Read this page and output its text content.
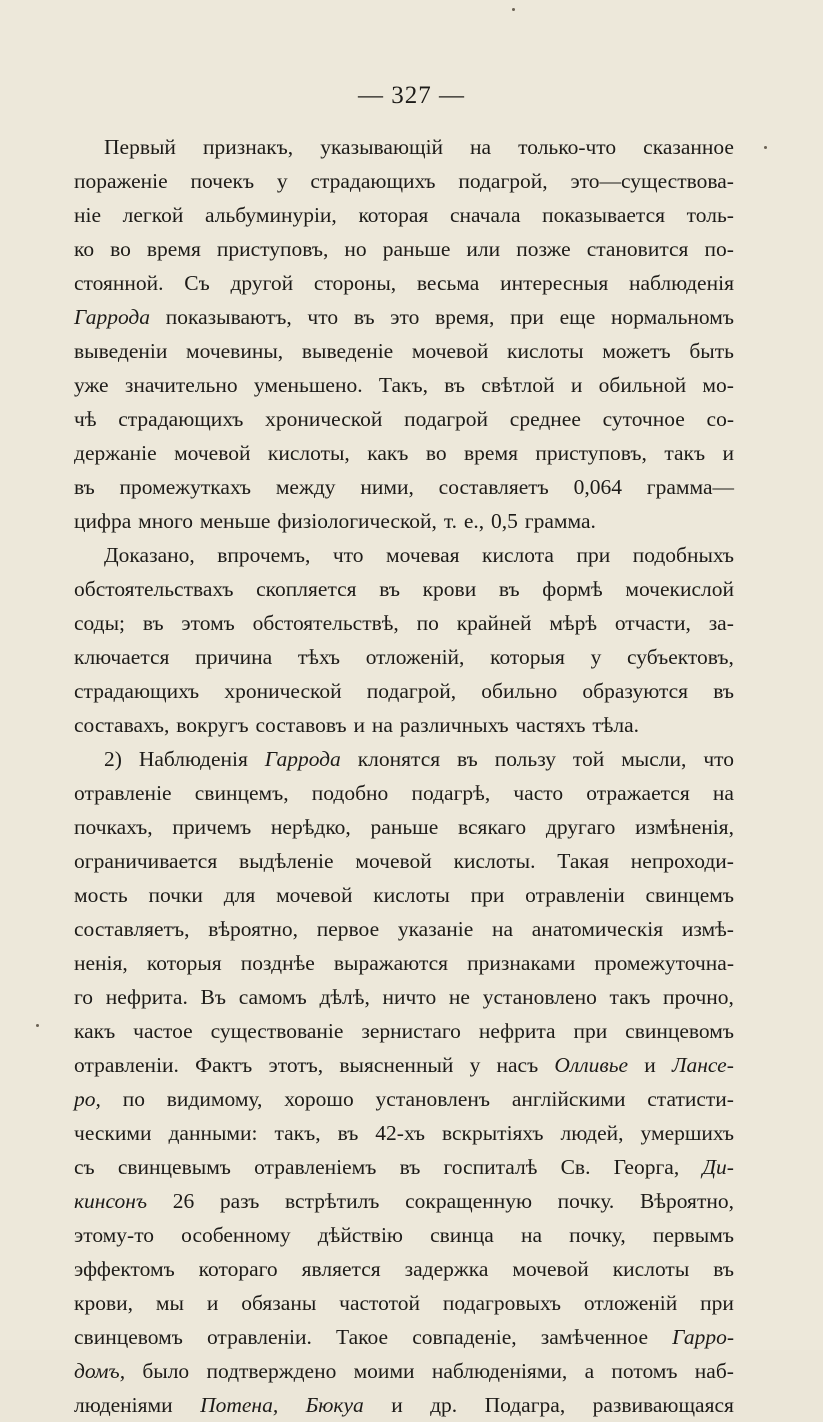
— 327 —
Первый признакъ, указывающій на только-что сказанное
пораженіе почекъ у страдающихъ подагрой, это—существова-
ніе легкой альбуминуріи, которая сначала показывается толь-
ко во время приступовъ, но раньше или позже становится по-
стоянной. Съ другой стороны, весьма интересныя наблюденія
Гаррода показываютъ, что въ это время, при еще нормальномъ
выведеніи мочевины, выведеніе мочевой кислоты можетъ быть
уже значительно уменьшено. Такъ, въ свѣтлой и обильной мо-
чѣ страдающихъ хронической подагрой среднее суточное со-
держаніе мочевой кислоты, какъ во время приступовъ, такъ и
въ промежуткахъ между ними, составляетъ 0,064 грамма—
цифра много меньше физіологической, т. е., 0,5 грамма.
Доказано, впрочемъ, что мочевая кислота при подобныхъ
обстоятельствахъ скопляется въ крови въ формѣ мочекислой
соды; въ этомъ обстоятельствѣ, по крайней мѣрѣ отчасти, за-
ключается причина тѣхъ отложеній, которыя у субъектовъ,
страдающихъ хронической подагрой, обильно образуются въ
составахъ, вокругъ составовъ и на различныхъ частяхъ тѣла.
2) Наблюденія Гаррода клонятся въ пользу той мысли, что
отравленіе свинцемъ, подобно подагрѣ, часто отражается на
почкахъ, причемъ нерѣдко, раньше всякаго другаго измѣненія,
ограничивается выдѣленіе мочевой кислоты. Такая непроходи-
мость почки для мочевой кислоты при отравленіи свинцемъ
составляетъ, вѣроятно, первое указаніе на анатомическія измѣ-
ненія, которыя позднѣе выражаются признаками промежуточна-
го нефрита. Въ самомъ дѣлѣ, ничто не установлено такъ прочно,
какъ частое существованіе зернистаго нефрита при свинцевомъ
отравленіи. Фактъ этотъ, выясненный у насъ Олливье и Лансе-
ро, по видимому, хорошо установленъ англійскими статисти-
ческими данными: такъ, въ 42-хъ вскрытіяхъ людей, умершихъ
съ свинцевымъ отравленіемъ въ госпиталѣ Св. Георга, Ди-
кинсонъ 26 разъ встрѣтилъ сокращенную почку. Вѣроятно,
этому-то особенному дѣйствію свинца на почку, первымъ
эффектомъ котораго является задержка мочевой кислоты въ
крови, мы и обязаны частотой подагровыхъ отложеній при
свинцевомъ отравленіи. Такое совпаденіе, замѣченное Гарро-
домъ, было подтверждено моими наблюденіями, а потомъ наб-
люденіями Потена, Бюкуа и др. Подагра, развивающаяся
